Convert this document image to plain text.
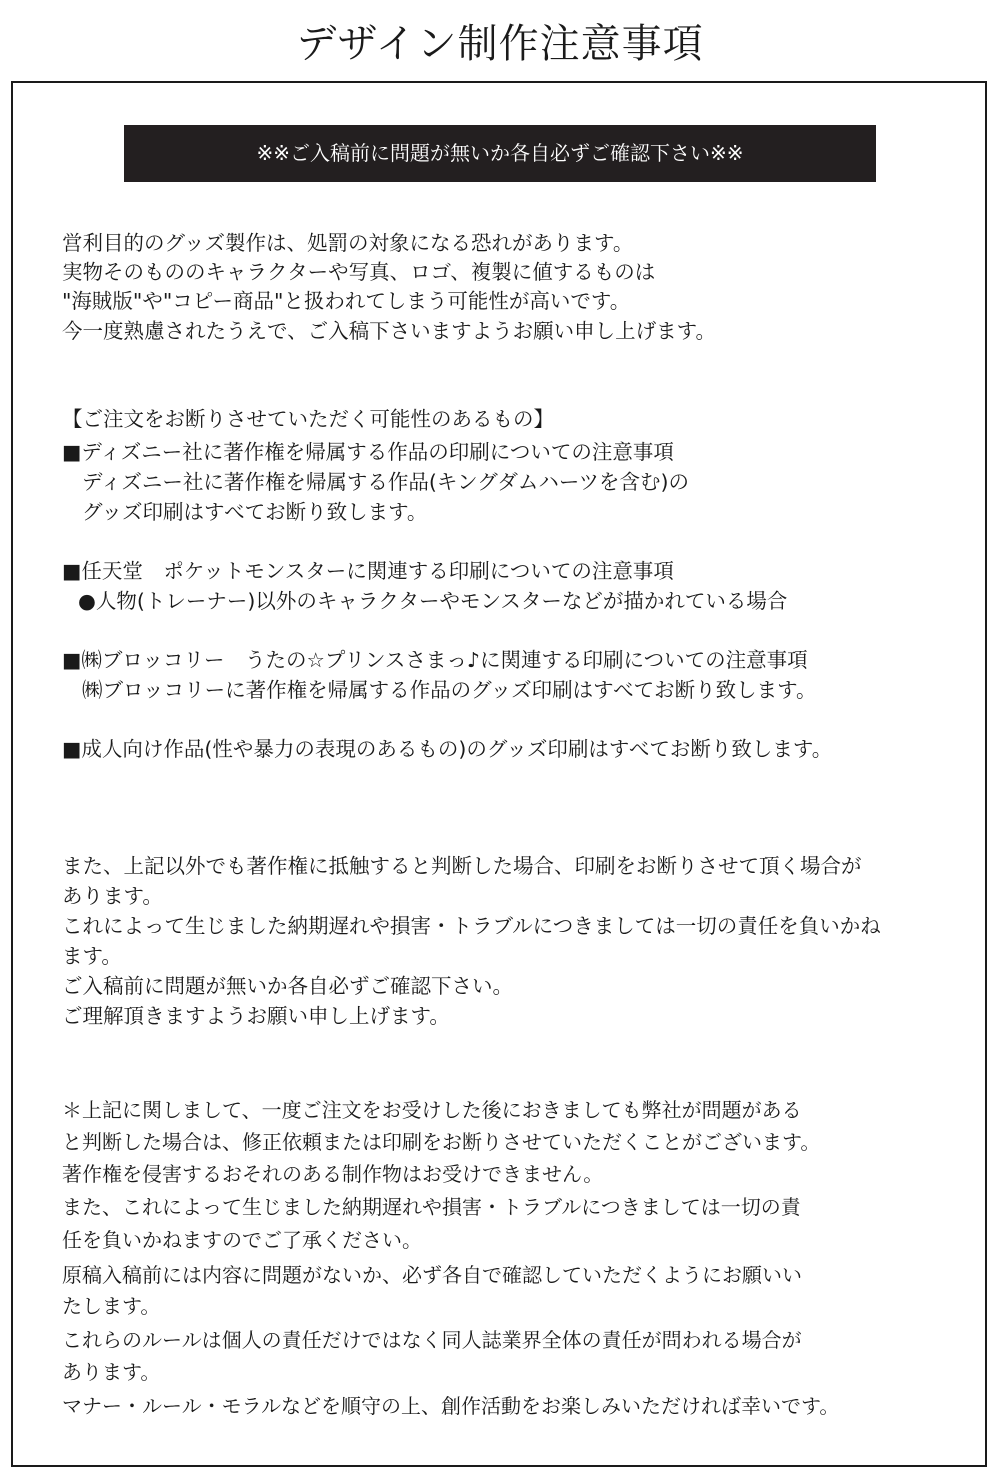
デザイン制作注意事項
※※ご入稿前に問題が無いか各自必ずご確認下さい※※

営利目的のグッズ製作は、処罰の対象になる恐れがあります。

実物そのもののキャラクターや写真、ロゴ、複製に値するものは

"海賊版"や"コピー商品"と扱われてしまう可能性が高いです。

今一度熟慮されたうえで、ご入稿下さいますようお願い申し上げます。

【ご注文をお断りさせていただく可能性のあるもの】

■ディズニー社に著作権を帰属する作品の印刷についての注意事項

ディズニー社に著作権を帰属する作品(キングダムハーツを含む)の

グッズ印刷はすべてお断り致します。

■任天堂　ポケットモンスターに関連する印刷についての注意事項

●人物(トレーナー)以外のキャラクターやモンスターなどが描かれている場合

■㈱ブロッコリー　うたの☆プリンスさまっ♪に関連する印刷についての注意事項

㈱ブロッコリーに著作権を帰属する作品のグッズ印刷はすべてお断り致します。

■成人向け作品(性や暴力の表現のあるもの)のグッズ印刷はすべてお断り致します。

また、上記以外でも著作権に抵触すると判断した場合、印刷をお断りさせて頂く場合が

あります。

これによって生じました納期遅れや損害・トラブルにつきましては一切の責任を負いかね

ます。

ご入稿前に問題が無いか各自必ずご確認下さい。

ご理解頂きますようお願い申し上げます。

＊上記に関しまして、一度ご注文をお受けした後におきましても弊社が問題がある

と判断した場合は、修正依頼または印刷をお断りさせていただくことがございます。

著作権を侵害するおそれのある制作物はお受けできません。

また、これによって生じました納期遅れや損害・トラブルにつきましては一切の責

任を負いかねますのでご了承ください。

原稿入稿前には内容に問題がないか、必ず各自で確認していただくようにお願いい

たします。

これらのルールは個人の責任だけではなく同人誌業界全体の責任が問われる場合が

あります。

マナー・ルール・モラルなどを順守の上、創作活動をお楽しみいただければ幸いです。
